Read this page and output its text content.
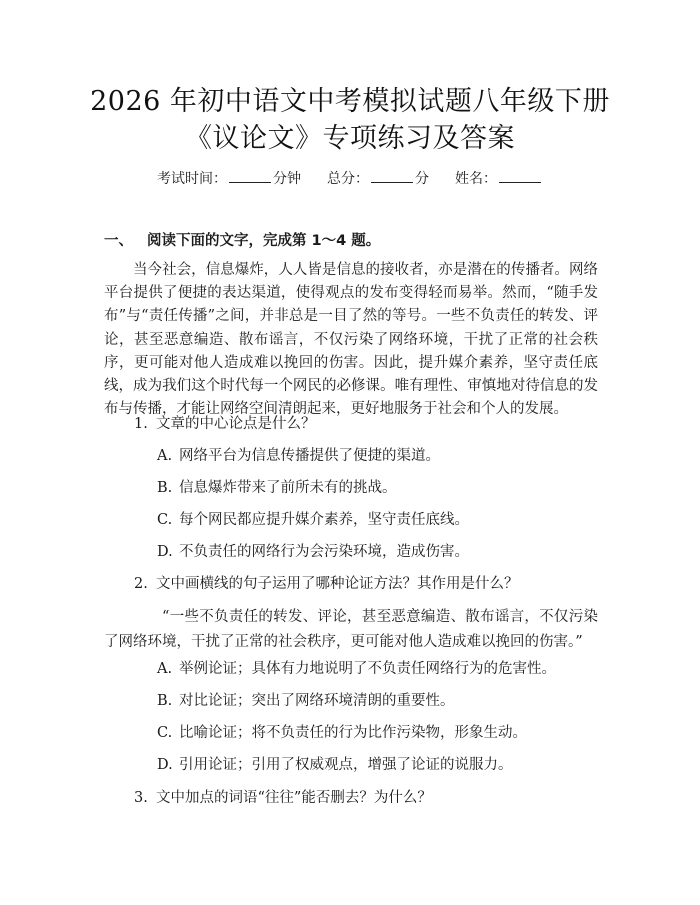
2026 年初中语文中考模拟试题八年级下册
《议论文》专项练习及答案
考试时间：	分钟 总分：	分 姓名：
一、 阅读下面的文字，完成第 1～4 题。

当今社会，信息爆炸，人人皆是信息的接收者，亦是潜在的传播者。网络平台提供了便捷的表达渠道，使得观点的发布变得轻而易举。然而，“随手发布”与“责任传播”之间，并非总是一目了然的等号。一些不负责任的转发、评论，甚至恶意编造、散布谣言，不仅污染了网络环境，干扰了正常的社会秩序，更可能对他人造成难以挽回的伤害。因此，提升媒介素养，坚守责任底线，成为我们这个时代每一个网民的必修课。唯有理性、审慎地对待信息的发布与传播，才能让网络空间清朗起来，更好地服务于社会和个人的发展。

1. 文章的中心论点是什么？
A. 网络平台为信息传播提供了便捷的渠道。
B. 信息爆炸带来了前所未有的挑战。
C. 每个网民都应提升媒介素养，坚守责任底线。
D. 不负责任的网络行为会污染环境，造成伤害。
2. 文中画横线的句子运用了哪种论证方法？其作用是什么？

“一些不负责任的转发、评论，甚至恶意编造、散布谣言，不仅污染了网络环境，干扰了正常的社会秩序，更可能对他人造成难以挽回的伤害。”

A. 举例论证；具体有力地说明了不负责任网络行为的危害性。
B. 对比论证；突出了网络环境清朗的重要性。
C. 比喻论证；将不负责任的行为比作污染物，形象生动。
D. 引用论证；引用了权威观点，增强了论证的说服力。
3. 文中加点的词语“往往”能否删去？为什么？
